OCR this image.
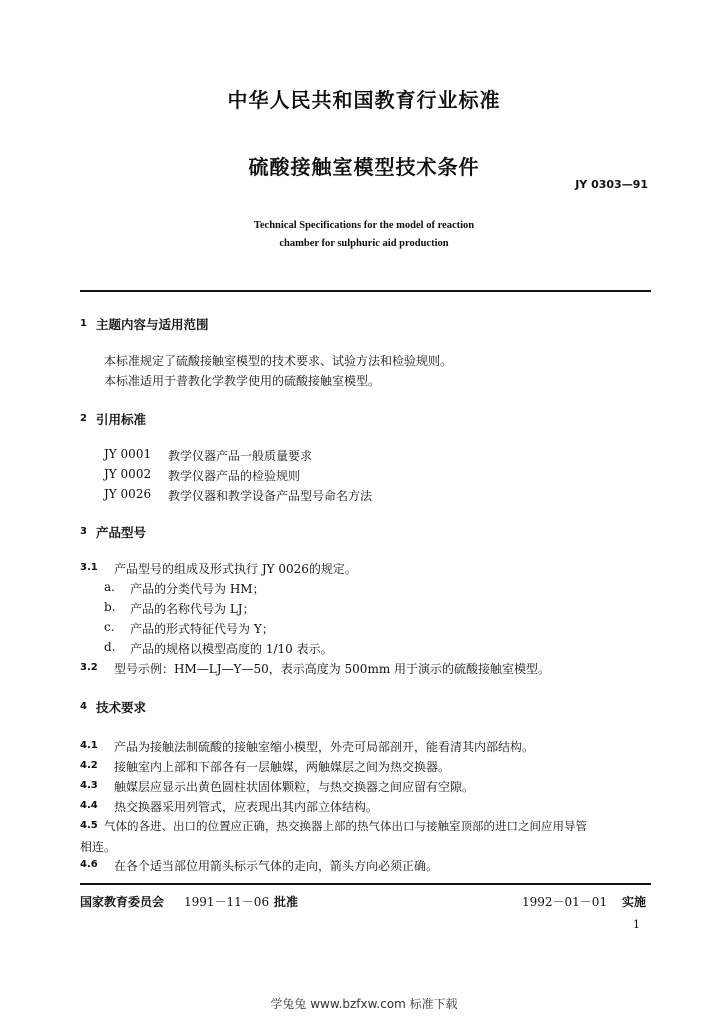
中华人民共和国教育行业标准
硫酸接触室模型技术条件
JY 0303—91
Technical Specifications for the model of reaction
chamber for sulphuric aid production
1 主题内容与适用范围
本标准规定了硫酸接触室模型的技术要求、试验方法和检验规则。
本标准适用于普教化学教学使用的硫酸接触室模型。
2 引用标准
JY 0001 教学仪器产品一般质量要求
JY 0002 教学仪器产品的检验规则
JY 0026 教学仪器和教学设备产品型号命名方法
3 产品型号
3.1 产品型号的组成及形式执行 JY 0026的规定。
a. 产品的分类代号为 HM；
b. 产品的名称代号为 LJ；
c. 产品的形式特征代号为 Y；
d. 产品的规格以模型高度的 1/10 表示。
3.2 型号示例：HM—LJ—Y—50，表示高度为 500mm 用于演示的硫酸接触室模型。
4 技术要求
4.1 产品为接触法制硫酸的接触室缩小模型，外壳可局部剖开，能看清其内部结构。
4.2 接触室内上部和下部各有一层触媒，两触媒层之间为热交换器。
4.3 触媒层应显示出黄色圆柱状固体颗粒，与热交换器之间应留有空隙。
4.4 热交换器采用列管式，应表现出其内部立体结构。
4.5 气体的各进、出口的位置应正确，热交换器上部的热气体出口与接触室顶部的进口之间应用导管
相连。
4.6 在各个适当部位用箭头标示气体的走向，箭头方向必须正确。
国家教育委员会 1991－11－06 批准	1992－01－01 实施
1
学兔兔 www.bzfxw.com 标准下载
